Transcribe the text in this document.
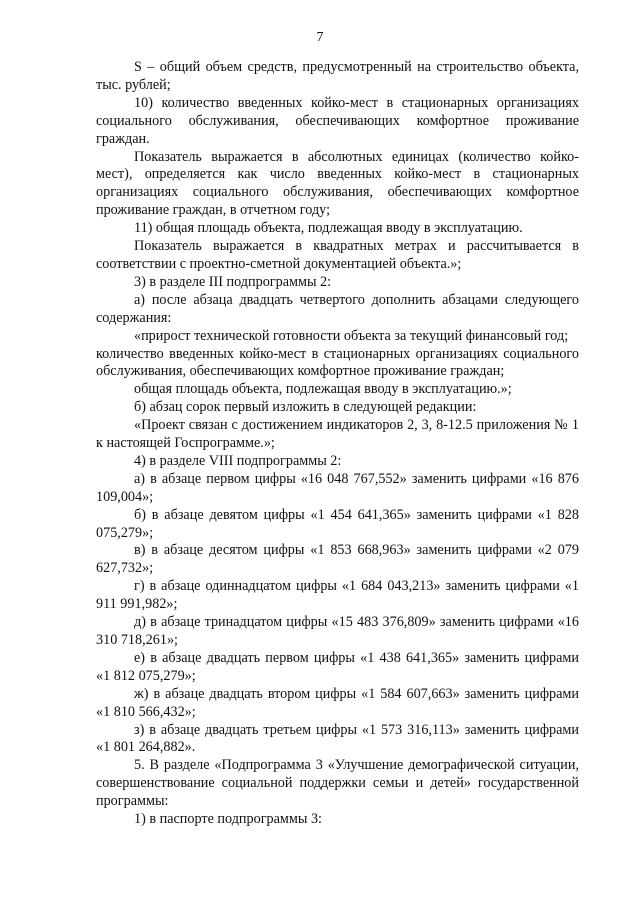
7

S – общий объем средств, предусмотренный на строительство объекта, тыс. рублей;

10) количество введенных койко-мест в стационарных организациях социального обслуживания, обеспечивающих комфортное проживание граждан.

Показатель выражается в абсолютных единицах (количество койко-мест), определяется как число введенных койко-мест в стационарных организациях социального обслуживания, обеспечивающих комфортное проживание граждан, в отчетном году;

11) общая площадь объекта, подлежащая вводу в эксплуатацию.

Показатель выражается в квадратных метрах и рассчитывается в соответствии с проектно-сметной документацией объекта.»;

3) в разделе III подпрограммы 2:

а) после абзаца двадцать четвертого дополнить абзацами следующего содержания:

«прирост технической готовности объекта за текущий финансовый год;

количество введенных койко-мест в стационарных организациях социального обслуживания, обеспечивающих комфортное проживание граждан;

общая площадь объекта, подлежащая вводу в эксплуатацию.»;

б) абзац сорок первый изложить в следующей редакции:

«Проект связан с достижением индикаторов 2, 3, 8-12.5 приложения № 1 к настоящей Госпрограмме.»;

4) в разделе VIII подпрограммы 2:

а) в абзаце первом цифры «16 048 767,552» заменить цифрами «16 876 109,004»;

б) в абзаце девятом цифры «1 454 641,365» заменить цифрами «1 828 075,279»;

в) в абзаце десятом цифры «1 853 668,963» заменить цифрами «2 079 627,732»;

г) в абзаце одиннадцатом цифры «1 684 043,213» заменить цифрами «1 911 991,982»;

д) в абзаце тринадцатом цифры «15 483 376,809» заменить цифрами «16 310 718,261»;

е) в абзаце двадцать первом цифры «1 438 641,365» заменить цифрами «1 812 075,279»;

ж) в абзаце двадцать втором цифры «1 584 607,663» заменить цифрами «1 810 566,432»;

з) в абзаце двадцать третьем цифры «1 573 316,113» заменить цифрами «1 801 264,882».

5. В разделе «Подпрограмма 3 «Улучшение демографической ситуации, совершенствование социальной поддержки семьи и детей» государственной программы:

1) в паспорте подпрограммы 3:
